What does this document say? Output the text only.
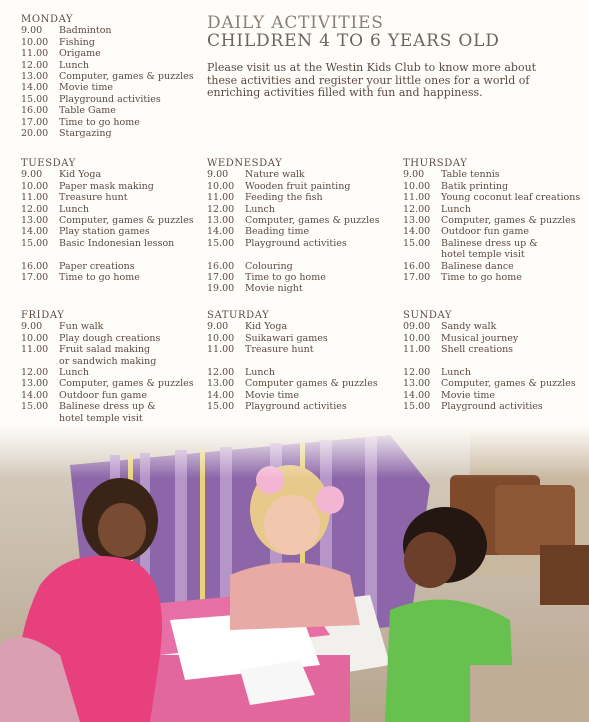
DAILY ACTIVITIES
CHILDREN 4 TO 6 YEARS OLD
Please visit us at the Westin Kids Club to know more about these activities and register your little ones for a world of enriching activities filled with fun and happiness.
MONDAY
9.00	Badminton
10.00	Fishing
11.00	Origame
12.00	Lunch
13.00	Computer, games & puzzles
14.00	Movie time
15.00	Playground activities
16.00	Table Game
17.00	Time to go home
20.00	Stargazing
TUESDAY
9.00	Kid Yoga
10.00	Paper mask making
11.00	Treasure hunt
12.00	Lunch
13.00	Computer, games & puzzles
14.00	Play station games
15.00	Basic Indonesian lesson
16.00	Paper creations
17.00	Time to go home
WEDNESDAY
9.00	Nature walk
10.00	Wooden fruit painting
11.00	Feeding the fish
12.00	Lunch
13.00	Computer, games & puzzles
14.00	Beading time
15.00	Playground activities
16.00	Colouring
17.00	Time to go home
19.00	Movie night
THURSDAY
9.00	Table tennis
10.00	Batik printing
11.00	Young coconut leaf creations
12.00	Lunch
13.00	Computer, games & puzzles
14.00	Outdoor fun game
15.00	Balinese dress up &
hotel temple visit
16.00	Balinese dance
17.00	Time to go home
FRIDAY
9.00	Fun walk
10.00	Play dough creations
11.00	Fruit salad making
or sandwich making
12.00	Lunch
13.00	Computer, games & puzzles
14.00	Outdoor fun game
15.00	Balinese dress up &
hotel temple visit
SATURDAY
9.00	Kid Yoga
10.00	Suikawari games
11.00	Treasure hunt
12.00	Lunch
13.00	Computer games & puzzles
14.00	Movie time
15.00	Playground activities
SUNDAY
09.00	Sandy walk
10.00	Musical journey
11.00	Shell creations
12.00	Lunch
13.00	Computer, games & puzzles
14.00	Movie time
15.00	Playground activities
